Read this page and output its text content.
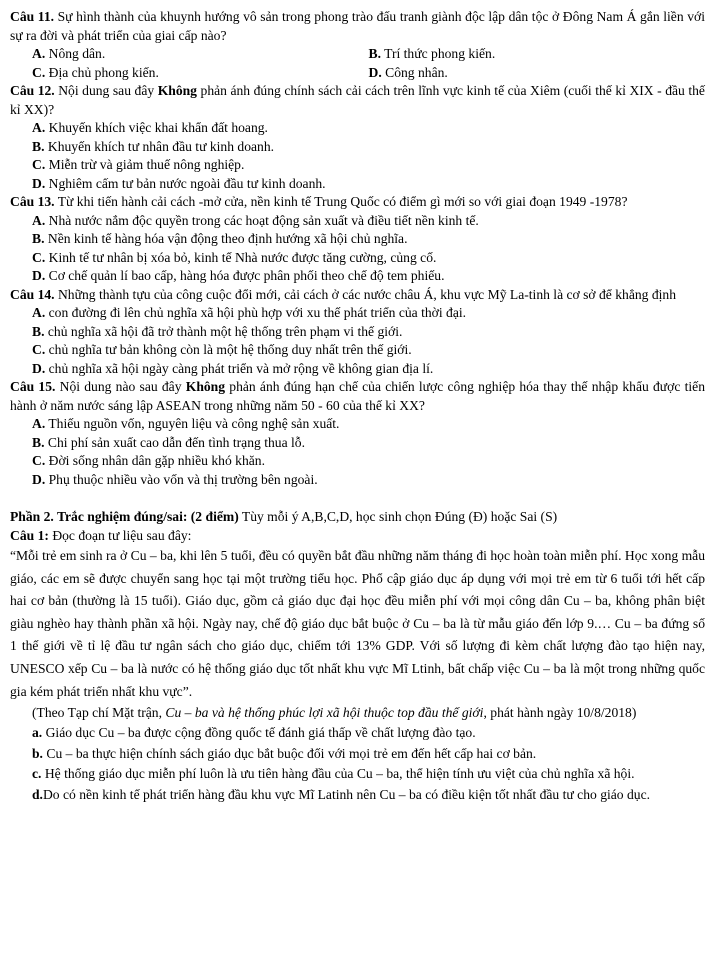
Câu 11. Sự hình thành của khuynh hướng vô sản trong phong trào đấu tranh giành độc lập dân tộc ở Đông Nam Á gắn liền với sự ra đời và phát triển của giai cấp nào?
A. Nông dân.	B. Trí thức phong kiến.
C. Địa chủ phong kiến.	D. Công nhân.
Câu 12. Nội dung sau đây Không phản ánh đúng chính sách cải cách trên lĩnh vực kinh tế của Xiêm (cuối thế kỉ XIX - đầu thế kỉ XX)?
A. Khuyến khích việc khai khẩn đất hoang.
B. Khuyến khích tư nhân đầu tư kinh doanh.
C. Miễn trừ và giảm thuế nông nghiệp.
D. Nghiêm cấm tư bản nước ngoài đầu tư kinh doanh.
Câu 13. Từ khi tiến hành cải cách -mở cửa, nền kinh tế Trung Quốc có điểm gì mới so với giai đoạn 1949 -1978?
A. Nhà nước nắm độc quyền trong các hoạt động sản xuất và điều tiết nền kinh tế.
B. Nền kinh tế hàng hóa vận động theo định hướng xã hội chủ nghĩa.
C. Kinh tế tư nhân bị xóa bỏ, kinh tế Nhà nước được tăng cường, củng cố.
D. Cơ chế quản lí bao cấp, hàng hóa được phân phối theo chế độ tem phiếu.
Câu 14. Những thành tựu của công cuộc đổi mới, cải cách ở các nước châu Á, khu vực Mỹ La-tinh là cơ sở để khẳng định
A. con đường đi lên chủ nghĩa xã hội phù hợp với xu thế phát triển của thời đại.
B. chủ nghĩa xã hội đã trở thành một hệ thống trên phạm vi thế giới.
C. chủ nghĩa tư bản không còn là một hệ thống duy nhất trên thế giới.
D. chủ nghĩa xã hội ngày càng phát triển và mở rộng về không gian địa lí.
Câu 15. Nội dung nào sau đây Không phản ánh đúng hạn chế của chiến lược công nghiệp hóa thay thế nhập khẩu được tiến hành ở năm nước sáng lập ASEAN trong những năm 50 - 60 của thế kỉ XX?
A. Thiếu nguồn vốn, nguyên liệu và công nghệ sản xuất.
B. Chi phí sản xuất cao dẫn đến tình trạng thua lỗ.
C. Đời sống nhân dân gặp nhiều khó khăn.
D. Phụ thuộc nhiều vào vốn và thị trường bên ngoài.
Phần 2. Trắc nghiệm đúng/sai: (2 điểm) Tùy mỗi ý A,B,C,D, học sinh chọn Đúng (Đ) hoặc Sai (S)
Câu 1: Đọc đoạn tư liệu sau đây:
“Mỗi trẻ em sinh ra ở Cu – ba, khi lên 5 tuổi, đều có quyền bắt đầu những năm tháng đi học hoàn toàn miễn phí. Học xong mẫu giáo, các em sẽ được chuyển sang học tại một trường tiểu học. Phổ cập giáo dục áp dụng với mọi trẻ em từ 6 tuổi tới hết cấp hai cơ bản (thường là 15 tuổi). Giáo dục, gồm cả giáo dục đại học đều miễn phí với mọi công dân Cu – ba, không phân biệt giàu nghèo hay thành phần xã hội. Ngày nay, chế độ giáo dục bắt buộc ở Cu – ba là từ mẫu giáo đến lớp 9.… Cu – ba đứng số 1 thế giới về tỉ lệ đầu tư ngân sách cho giáo dục, chiếm tới 13% GDP. Với số lượng đi kèm chất lượng đào tạo hiện nay, UNESCO xếp Cu – ba là nước có hệ thống giáo dục tốt nhất khu vực Mĩ Ltinh, bất chấp việc Cu – ba là một trong những quốc gia kém phát triển nhất khu vực”.
(Theo Tạp chí Mặt trận, Cu – ba và hệ thống phúc lợi xã hội thuộc top đầu thế giới, phát hành ngày 10/8/2018)
a. Giáo dục Cu – ba được cộng đồng quốc tế đánh giá thấp về chất lượng đào tạo.
b. Cu – ba thực hiện chính sách giáo dục bắt buộc đối với mọi trẻ em đến hết cấp hai cơ bản.
c. Hệ thống giáo dục miễn phí luôn là ưu tiên hàng đầu của Cu – ba, thể hiện tính ưu việt của chủ nghĩa xã hội.
d.Do có nền kinh tế phát triển hàng đầu khu vực Mĩ Latinh nên Cu – ba có điều kiện tốt nhất đầu tư cho giáo dục.
